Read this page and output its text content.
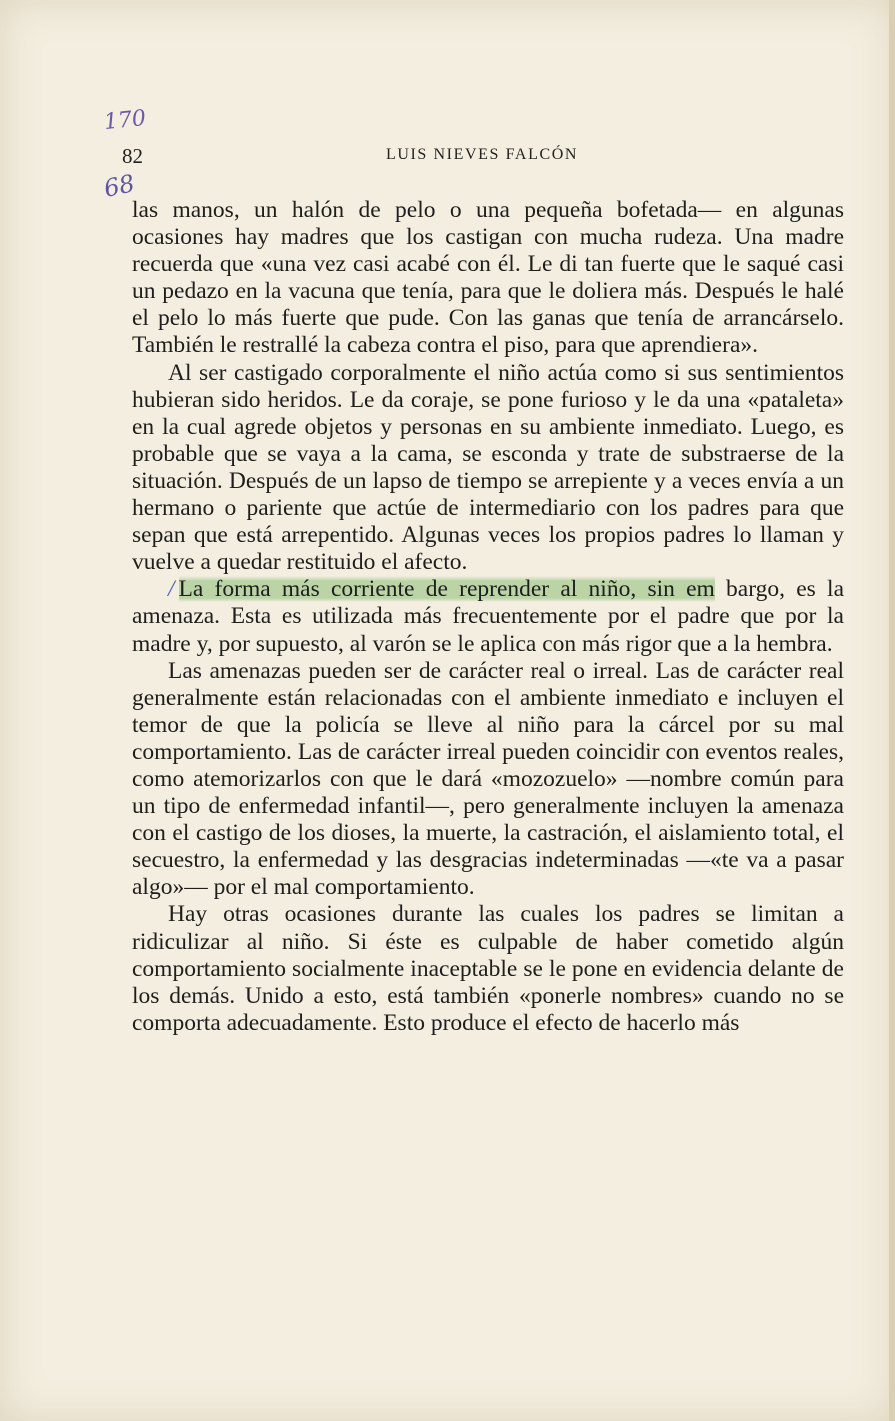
170
68
82	LUIS NIEVES FALCÓN

las manos, un halón de pelo o una pequeña bofetada— en algunas ocasiones hay madres que los castigan con mucha rudeza. Una madre recuerda que «una vez casi acabé con él. Le di tan fuerte que le saqué casi un pedazo en la vacuna que tenía, para que le doliera más. Después le halé el pelo lo más fuerte que pude. Con las ganas que tenía de arrancárselo. También le restrallé la cabeza contra el piso, para que aprendiera».

Al ser castigado corporalmente el niño actúa como si sus sentimientos hubieran sido heridos. Le da coraje, se pone furioso y le da una «pataleta» en la cual agrede objetos y personas en su ambiente inmediato. Luego, es probable que se vaya a la cama, se esconda y trate de substraerse de la situación. Después de un lapso de tiempo se arrepiente y a veces envía a un hermano o pariente que actúe de intermediario con los padres para que sepan que está arrepentido. Algunas veces los propios padres lo llaman y vuelve a quedar restituido el afecto.

/ La forma más corriente de reprender al niño, sin em bargo, es la amenaza. Esta es utilizada más frecuentemente por el padre que por la madre y, por supuesto, al varón se le aplica con más rigor que a la hembra.

Las amenazas pueden ser de carácter real o irreal. Las de carácter real generalmente están relacionadas con el ambiente inmediato e incluyen el temor de que la policía se lleve al niño para la cárcel por su mal comportamiento. Las de carácter irreal pueden coincidir con eventos reales, como atemorizarlos con que le dará «mozozuelo» —nombre común para un tipo de enfermedad infantil—, pero generalmente incluyen la amenaza con el castigo de los dioses, la muerte, la castración, el aislamiento total, el secuestro, la enfermedad y las desgracias indeterminadas —«te va a pasar algo»— por el mal comportamiento.

Hay otras ocasiones durante las cuales los padres se limitan a ridiculizar al niño. Si éste es culpable de haber cometido algún comportamiento socialmente inaceptable se le pone en evidencia delante de los demás. Unido a esto, está también «ponerle nombres» cuando no se comporta adecuadamente. Esto produce el efecto de hacerlo más
